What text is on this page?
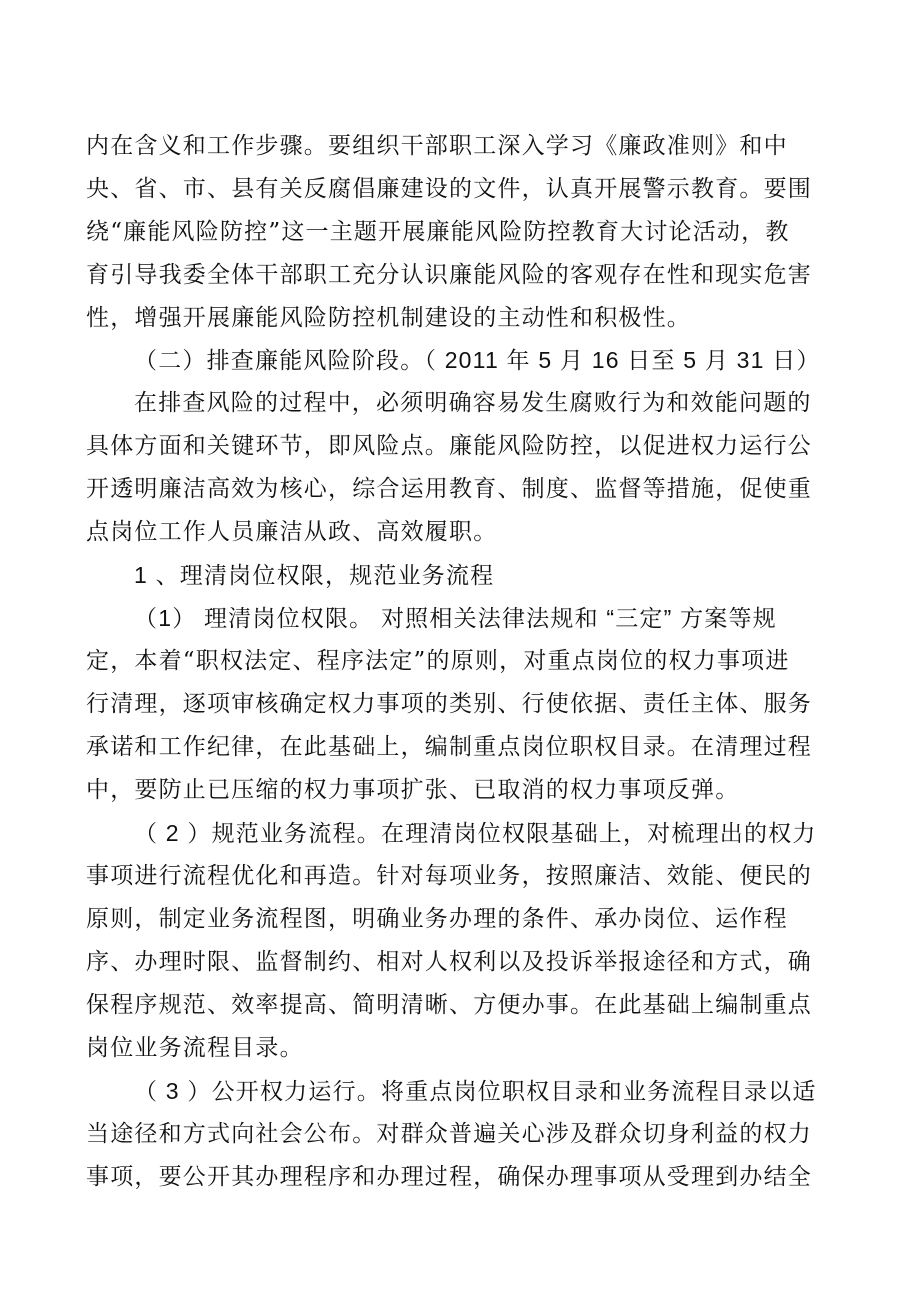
内在含义和工作步骤。要组织干部职工深入学习《廉政准则》和中
央、省、市、县有关反腐倡廉建设的文件，认真开展警示教育。要围
绕“廉能风险防控”这一主题开展廉能风险防控教育大讨论活动，教
育引导我委全体干部职工充分认识廉能风险的客观存在性和现实危害
性，增强开展廉能风险防控机制建设的主动性和积极性。
（二）排查廉能风险阶段。（ 2011 年 5 月 16 日至 5 月 31 日）
在排查风险的过程中，必须明确容易发生腐败行为和效能问题的
具体方面和关键环节，即风险点。廉能风险防控，以促进权力运行公
开透明廉洁高效为核心，综合运用教育、制度、监督等措施，促使重
点岗位工作人员廉洁从政、高效履职。
1 、理清岗位权限，规范业务流程
（1） 理清岗位权限。 对照相关法律法规和 “三定” 方案等规
定，本着“职权法定、程序法定”的原则，对重点岗位的权力事项进
行清理，逐项审核确定权力事项的类别、行使依据、责任主体、服务
承诺和工作纪律，在此基础上，编制重点岗位职权目录。在清理过程
中，要防止已压缩的权力事项扩张、已取消的权力事项反弹。
（ 2 ）规范业务流程。在理清岗位权限基础上，对梳理出的权力
事项进行流程优化和再造。针对每项业务，按照廉洁、效能、便民的
原则，制定业务流程图，明确业务办理的条件、承办岗位、运作程
序、办理时限、监督制约、相对人权利以及投诉举报途径和方式，确
保程序规范、效率提高、简明清晰、方便办事。在此基础上编制重点
岗位业务流程目录。
（ 3 ）公开权力运行。将重点岗位职权目录和业务流程目录以适
当途径和方式向社会公布。对群众普遍关心涉及群众切身利益的权力
事项，要公开其办理程序和办理过程，确保办理事项从受理到办结全
